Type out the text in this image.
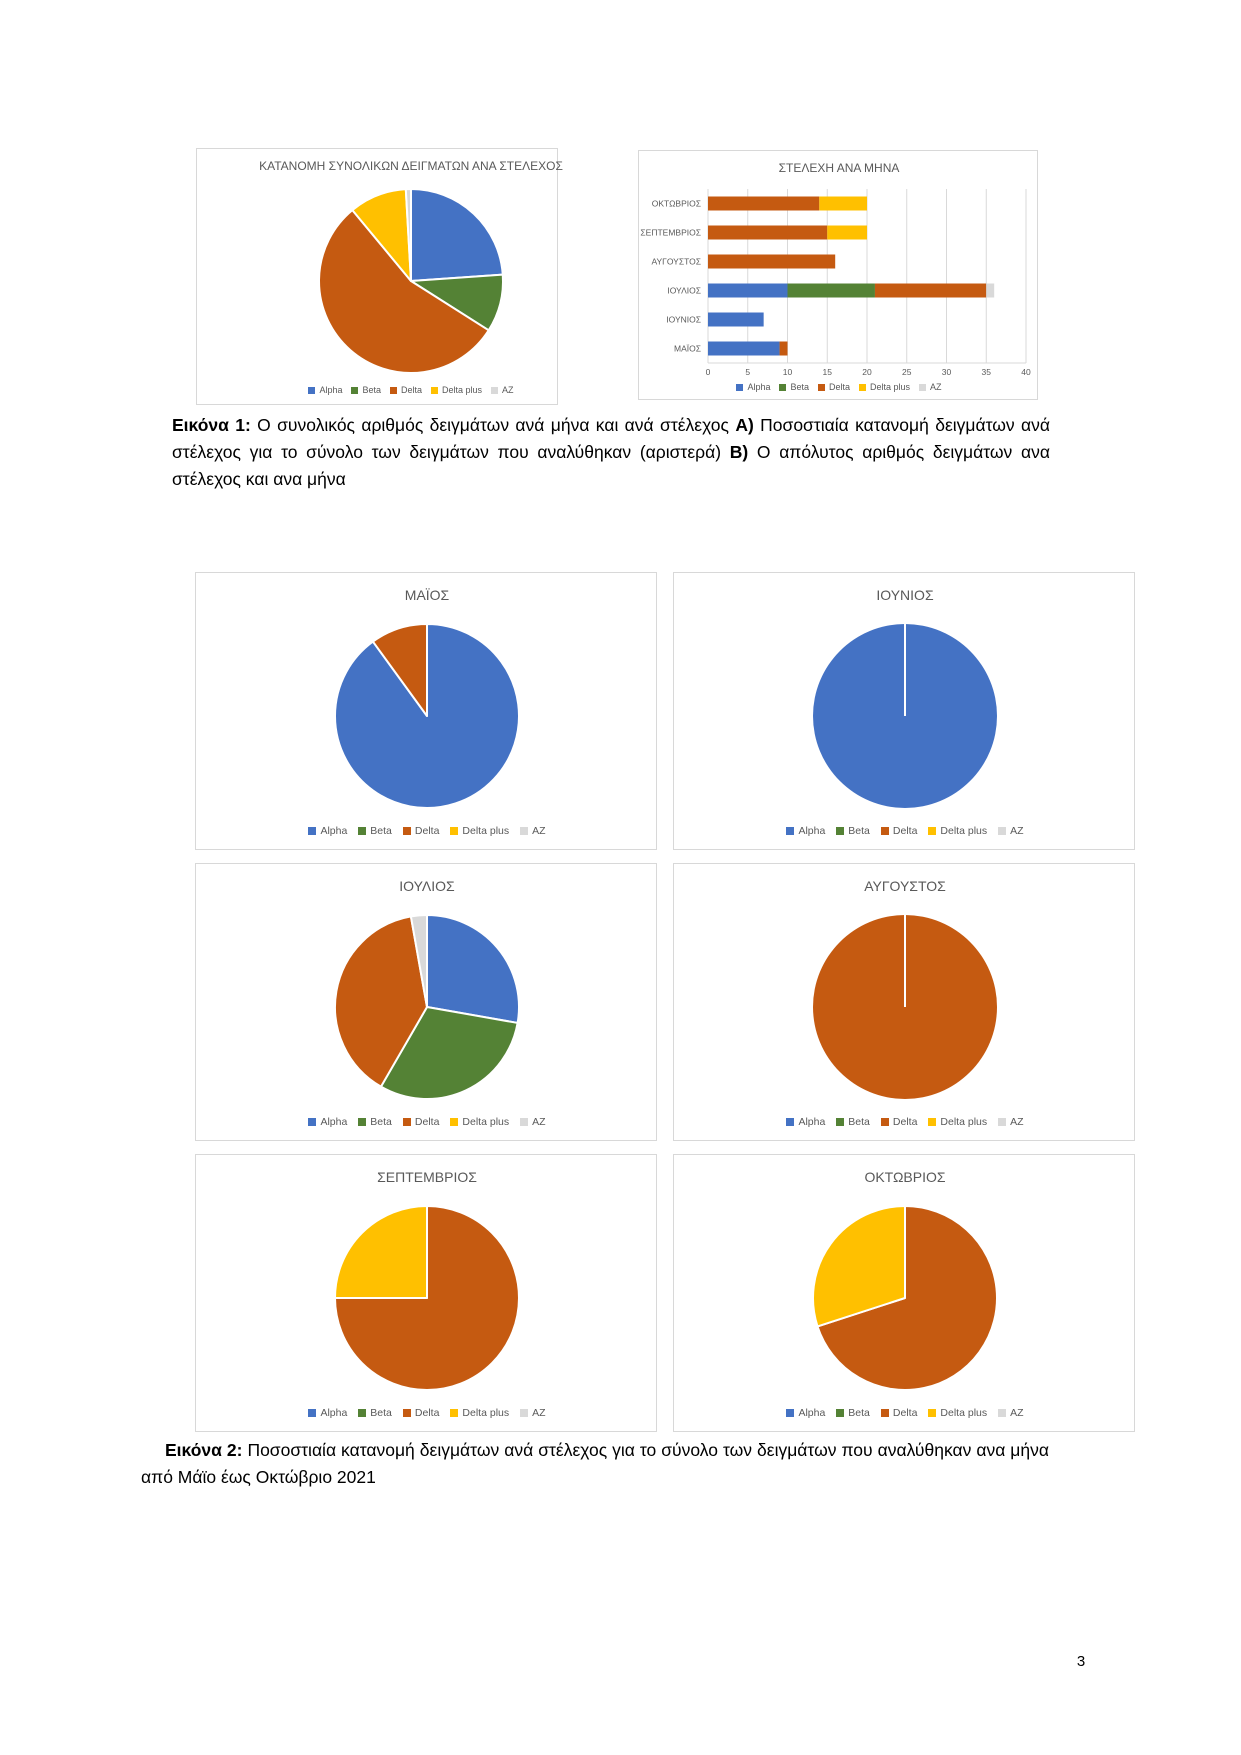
ΚΑΤΑΝΟΜΗ ΣΥΝΟΛΙΚΩΝ ΔΕΙΓΜΑΤΩΝ ΑΝΑ ΣΤΕΛΕΧΟΣ
Alpha Beta Delta Delta plus AZ
ΣΤΕΛΕΧΗ ΑΝΑ ΜΗΝΑ
0	5	10	15	20	25	30	35	40
ΟΚΤΩΒΡΙΟΣ
ΣΕΠΤΕΜΒΡΙΟΣ
ΑΥΓΟΥΣΤΟΣ
ΙΟΥΛΙΟΣ
ΙΟΥΝΙΟΣ
ΜΑΪΟΣ
Alpha Beta Delta Delta plus AZ

Εικόνα 1: Ο συνολικός αριθμός δειγμάτων ανά μήνα και ανά στέλεχος Α) Ποσοστιαία κατανομή δειγμάτων ανά στέλεχος για το σύνολο των δειγμάτων που αναλύθηκαν (αριστερά) Β) Ο απόλυτος αριθμός δειγμάτων ανα στέλεχος και ανα μήνα

ΜΑΪΟΣ
Alpha Beta Delta Delta plus AZ
ΙΟΥΝΙΟΣ
Alpha Beta Delta Delta plus AZ
ΙΟΥΛΙΟΣ
Alpha Beta Delta Delta plus AZ
ΑΥΓΟΥΣΤΟΣ
Alpha Beta Delta Delta plus AZ
ΣΕΠΤΕΜΒΡΙΟΣ
Alpha Beta Delta Delta plus AZ
ΟΚΤΩΒΡΙΟΣ
Alpha Beta Delta Delta plus AZ

Εικόνα 2: Ποσοστιαία κατανομή δειγμάτων ανά στέλεχος για το σύνολο των δειγμάτων που αναλύθηκαν ανα μήνα από Μάϊο έως Οκτώβριο 2021

3
